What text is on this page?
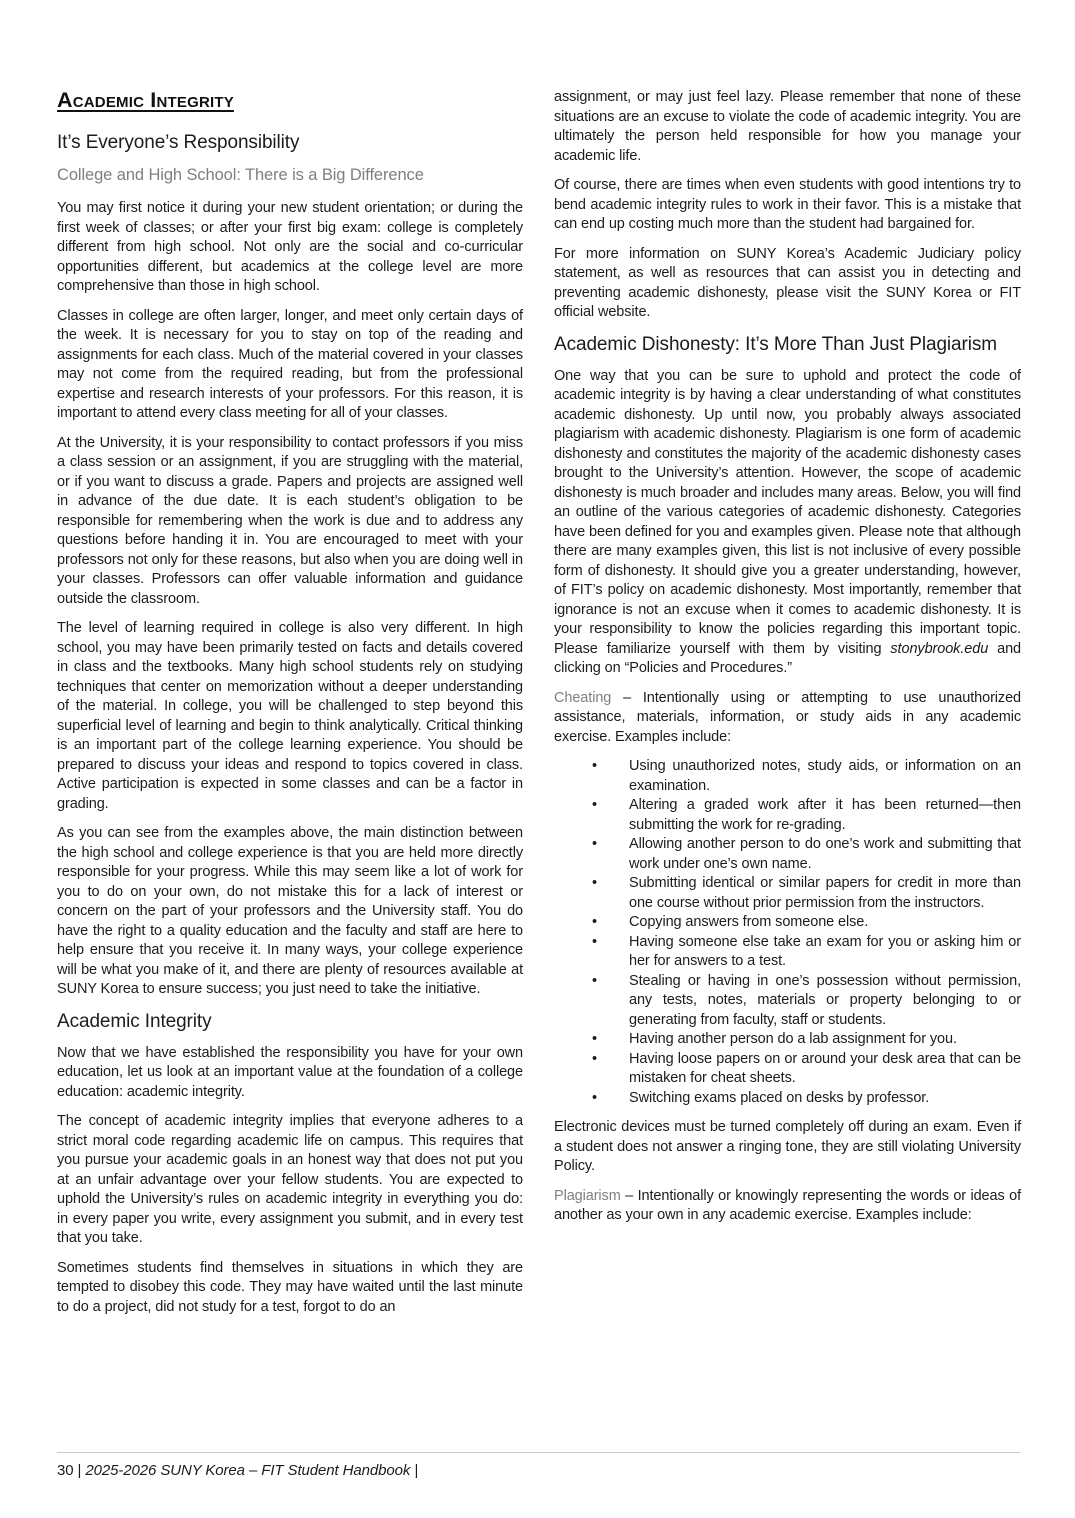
Academic Integrity
It’s Everyone’s Responsibility
College and High School: There is a Big Difference

You may first notice it during your new student orientation; or during the first week of classes; or after your first big exam: college is completely different from high school. Not only are the social and co-curricular opportunities different, but academics at the college level are more comprehensive than those in high school.

Classes in college are often larger, longer, and meet only certain days of the week. It is necessary for you to stay on top of the reading and assignments for each class. Much of the material covered in your classes may not come from the required reading, but from the professional expertise and research interests of your professors. For this reason, it is important to attend every class meeting for all of your classes.

At the University, it is your responsibility to contact professors if you miss a class session or an assignment, if you are struggling with the material, or if you want to discuss a grade. Papers and projects are assigned well in advance of the due date. It is each student’s obligation to be responsible for remembering when the work is due and to address any questions before handing it in. You are encouraged to meet with your professors not only for these reasons, but also when you are doing well in your classes. Professors can offer valuable information and guidance outside the classroom.

The level of learning required in college is also very different. In high school, you may have been primarily tested on facts and details covered in class and the textbooks. Many high school students rely on studying techniques that center on memorization without a deeper understanding of the material. In college, you will be challenged to step beyond this superficial level of learning and begin to think analytically. Critical thinking is an important part of the college learning experience. You should be prepared to discuss your ideas and respond to topics covered in class. Active participation is expected in some classes and can be a factor in grading.

As you can see from the examples above, the main distinction between the high school and college experience is that you are held more directly responsible for your progress. While this may seem like a lot of work for you to do on your own, do not mistake this for a lack of interest or concern on the part of your professors and the University staff. You do have the right to a quality education and the faculty and staff are here to help ensure that you receive it. In many ways, your college experience will be what you make of it, and there are plenty of resources available at SUNY Korea to ensure success; you just need to take the initiative.

Academic Integrity

Now that we have established the responsibility you have for your own education, let us look at an important value at the foundation of a college education: academic integrity.

The concept of academic integrity implies that everyone adheres to a strict moral code regarding academic life on campus. This requires that you pursue your academic goals in an honest way that does not put you at an unfair advantage over your fellow students. You are expected to uphold the University’s rules on academic integrity in everything you do: in every paper you write, every assignment you submit, and in every test that you take.

Sometimes students find themselves in situations in which they are tempted to disobey this code. They may have waited until the last minute to do a project, did not study for a test, forgot to do an

assignment, or may just feel lazy. Please remember that none of these situations are an excuse to violate the code of academic integrity. You are ultimately the person held responsible for how you manage your academic life.

Of course, there are times when even students with good intentions try to bend academic integrity rules to work in their favor. This is a mistake that can end up costing much more than the student had bargained for.

For more information on SUNY Korea’s Academic Judiciary policy statement, as well as resources that can assist you in detecting and preventing academic dishonesty, please visit the SUNY Korea or FIT official website.

Academic Dishonesty: It’s More Than Just Plagiarism

One way that you can be sure to uphold and protect the code of academic integrity is by having a clear understanding of what constitutes academic dishonesty. Up until now, you probably always associated plagiarism with academic dishonesty. Plagiarism is one form of academic dishonesty and constitutes the majority of the academic dishonesty cases brought to the University’s attention. However, the scope of academic dishonesty is much broader and includes many areas. Below, you will find an outline of the various categories of academic dishonesty. Categories have been defined for you and examples given. Please note that although there are many examples given, this list is not inclusive of every possible form of dishonesty. It should give you a greater understanding, however, of FIT’s policy on academic dishonesty. Most importantly, remember that ignorance is not an excuse when it comes to academic dishonesty. It is your responsibility to know the policies regarding this important topic. Please familiarize yourself with them by visiting stonybrook.edu and clicking on “Policies and Procedures.”

Cheating – Intentionally using or attempting to use unauthorized assistance, materials, information, or study aids in any academic exercise. Examples include:

• Using unauthorized notes, study aids, or information on an examination.
• Altering a graded work after it has been returned—then submitting the work for re-grading.
• Allowing another person to do one’s work and submitting that work under one’s own name.
• Submitting identical or similar papers for credit in more than one course without prior permission from the instructors.
• Copying answers from someone else.
• Having someone else take an exam for you or asking him or her for answers to a test.
• Stealing or having in one’s possession without permission, any tests, notes, materials or property belonging to or generating from faculty, staff or students.
• Having another person do a lab assignment for you.
• Having loose papers on or around your desk area that can be mistaken for cheat sheets.
• Switching exams placed on desks by professor.

Electronic devices must be turned completely off during an exam. Even if a student does not answer a ringing tone, they are still violating University Policy.

Plagiarism – Intentionally or knowingly representing the words or ideas of another as your own in any academic exercise. Examples include:

30 | 2025-2026 SUNY Korea – FIT Student Handbook |
